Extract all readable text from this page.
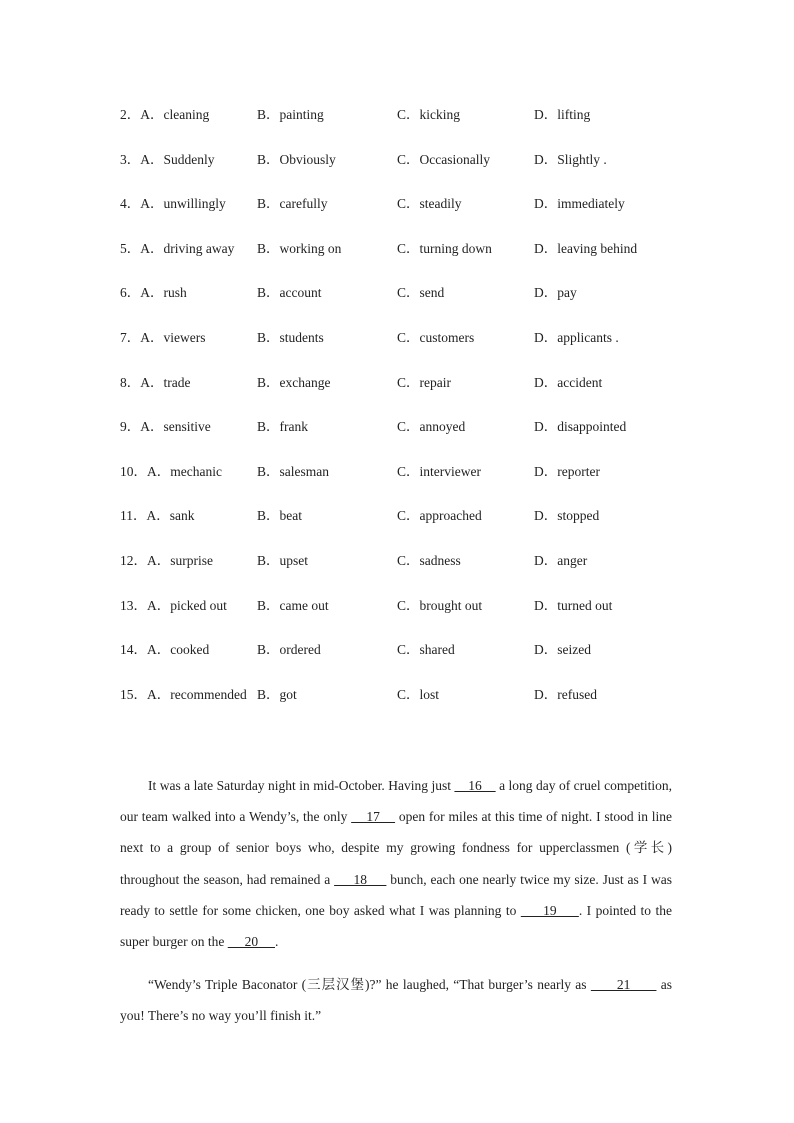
2．A．cleaning	B．painting	C．kicking	D．lifting
3．A．Suddenly	B．Obviously	C．Occasionally	D．Slightly .
4．A．unwillingly B．carefully	C．steadily	D．immediately
5．A．driving away B．working on	C．turning down	D．leaving behind
6．A．rush	B．account	C．send	D．pay
7．A．viewers	B．students	C．customers	D．applicants .
8．A．trade	B．exchange	C．repair	D．accident
9．A．sensitive	B．frank	C．annoyed	D．disappointed
10．A．mechanic	B．salesman	C．interviewer	D．reporter
11．A．sank	B．beat	C．approached	D．stopped
12．A．surprise	B．upset	C．sadness	D．anger
13．A．picked out B．came out	C．brought out	D．turned out
14．A．cooked	B．ordered	C．shared	D．seized
15．A．recommended B．got	C．lost	D．refused

It was a late Saturday night in mid-October. Having just     16     a long day of cruel competition, our team walked into a Wendy’s, the only     17     open for miles at this time of night. I stood in line next to a group of senior boys who, despite my growing fondness for upperclassmen (学长) throughout the season, had remained a      18      bunch, each one nearly twice my size. Just as I was ready to settle for some chicken, one boy asked what I was planning to      19     . I pointed to the super burger on the      20     .

“Wendy’s Triple Baconator (三层汉堡)?” he laughed, “That burger’s nearly as       21       as you! There’s no way you’ll finish it.”
